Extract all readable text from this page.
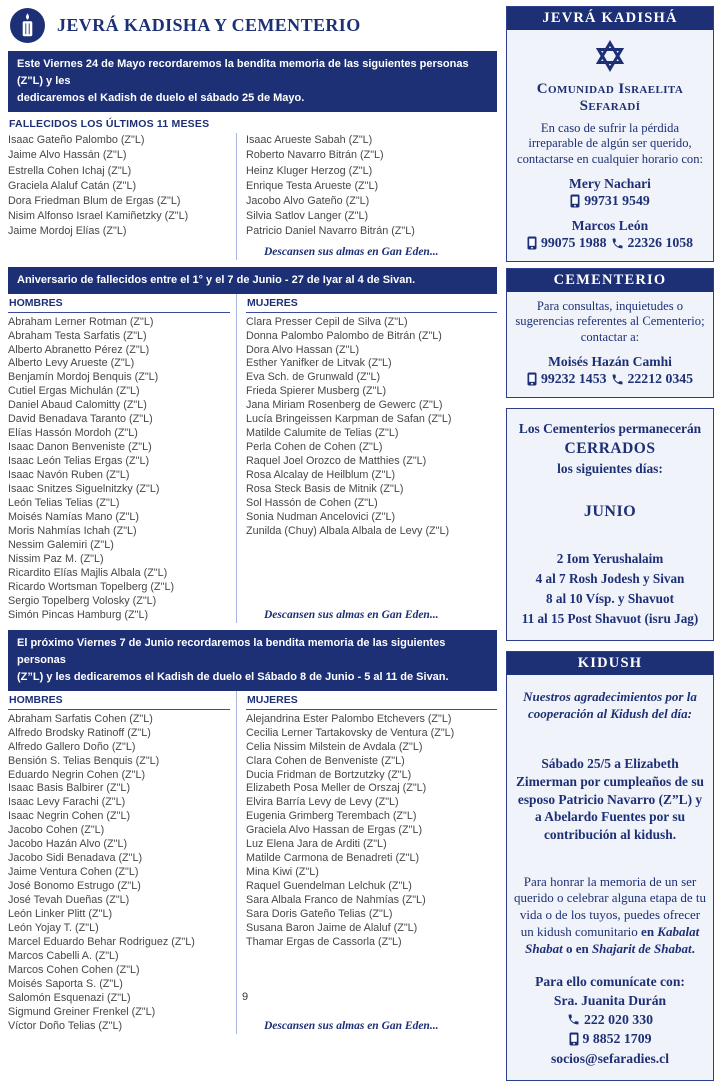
JEVRÁ KADISHA Y CEMENTERIO
Este Viernes 24 de Mayo recordaremos la bendita memoria de las siguientes personas (Z"L) y les
dedicaremos el Kadish de duelo el sábado 25 de Mayo.
FALLECIDOS LOS ÚLTIMOS 11 MESES
Isaac Gateño Palombo (Z"L)
Jaime Alvo Hassán (Z"L)
Estrella Cohen Ichaj (Z"L)
Graciela Alaluf Catán (Z"L)
Dora Friedman Blum de Ergas (Z"L)
Nisim Alfonso Israel Kamiñetzky (Z"L)
Jaime Mordoj Elías (Z"L)
Isaac Arueste Sabah (Z"L)
Roberto Navarro Bitrán (Z"L)
Heinz Kluger Herzog (Z"L)
Enrique Testa Arueste (Z"L)
Jacobo Alvo Gateño (Z"L)
Silvia Satlov Langer (Z"L)
Patricio Daniel Navarro Bitrán (Z"L)
Descansen sus almas en Gan Eden...
Aniversario de fallecidos entre el 1° y el 7 de Junio - 27 de Iyar al 4 de Sivan.
HOMBRES
Abraham Lerner Rotman (Z"L)
Abraham Testa Sarfatis (Z"L)
Alberto Abranetto Pérez (Z"L)
Alberto Levy Arueste (Z"L)
Benjamín Mordoj Benquis (Z"L)
Cutiel Ergas Michulán (Z"L)
Daniel Abaud Calomitty (Z"L)
David Benadava Taranto (Z"L)
Elías Hassón Mordoh (Z"L)
Isaac Danon Benveniste (Z"L)
Isaac León Telias Ergas (Z"L)
Isaac Navón Ruben (Z"L)
Isaac Snitzes Siguelnitzky (Z"L)
León Telias Telias (Z"L)
Moisés Namías Mano (Z"L)
Moris Nahmías Ichah (Z"L)
Nessim Galemiri (Z"L)
Nissim Paz M. (Z"L)
Ricardito Elías Majlis Albala (Z"L)
Ricardo Wortsman Topelberg (Z"L)
Sergio Topelberg Volosky (Z"L)
Simón Pincas Hamburg (Z"L)
MUJERES
Clara Presser Cepil de Silva (Z"L)
Donna Palombo Palombo de Bitrán (Z"L)
Dora Alvo Hassan (Z"L)
Esther Yanifker de Litvak (Z"L)
Eva Sch. de Grunwald (Z"L)
Frieda Spierer Musberg (Z"L)
Jana Miriam Rosenberg de Gewerc (Z"L)
Lucía Bringeissen Karpman de Safan (Z"L)
Matilde Calumite de Telias (Z"L)
Perla Cohen de Cohen (Z"L)
Raquel Joel Orozco de Matthies (Z"L)
Rosa Alcalay de Heilblum (Z"L)
Rosa Steck Basis de Mitnik (Z"L)
Sol Hassón de Cohen (Z"L)
Sonia Nudman Ancelovici (Z"L)
Zunilda (Chuy) Albala Albala de Levy (Z"L)
Descansen sus almas en Gan Eden...
El próximo Viernes 7 de Junio recordaremos la bendita memoria de las siguientes personas
(Z”L) y les dedicaremos el Kadish de duelo el Sábado 8 de Junio - 5 al 11 de Sivan.
HOMBRES
Abraham Sarfatis Cohen (Z"L)
Alfredo Brodsky Ratinoff (Z"L)
Alfredo Gallero Doño (Z"L)
Bensión S. Telias Benquis (Z"L)
Eduardo Negrin Cohen (Z"L)
Isaac Basis Balbirer (Z"L)
Isaac Levy Farachi (Z"L)
Isaac Negrin Cohen (Z"L)
Jacobo Cohen (Z"L)
Jacobo Hazán Alvo (Z"L)
Jacobo Sidi Benadava (Z"L)
Jaime Ventura Cohen (Z"L)
José Bonomo Estrugo (Z"L)
José Tevah Dueñas (Z"L)
León Linker Plitt (Z"L)
León Yojay T. (Z"L)
Marcel Eduardo Behar Rodriguez (Z"L)
Marcos Cabelli A. (Z"L)
Marcos Cohen Cohen (Z"L)
Moisés Saporta S. (Z"L)
Salomón Esquenazi (Z"L)
Sigmund Greiner Frenkel (Z"L)
Víctor Doño Telias (Z"L)
MUJERES
Alejandrina Ester Palombo Etchevers (Z"L)
Cecilia Lerner Tartakovsky de Ventura (Z"L)
Celia Nissim Milstein de Avdala (Z"L)
Clara Cohen de Benveniste (Z"L)
Ducia Fridman de Bortzutzky (Z"L)
Elizabeth Posa Meller de Orszaj (Z"L)
Elvira Barría Levy de Levy (Z"L)
Eugenia Grimberg Terembach (Z"L)
Graciela Alvo Hassan de Ergas (Z"L)
Luz Elena Jara de Arditi (Z"L)
Matilde Carmona de Benadreti (Z"L)
Mina Kiwi (Z"L)
Raquel Guendelman Lelchuk (Z"L)
Sara Albala Franco de Nahmías (Z"L)
Sara Doris Gateño Telias (Z"L)
Susana Baron Jaime de Alaluf (Z"L)
Thamar Ergas de Cassorla (Z"L)
Descansen sus almas en Gan Eden...
JEVRÁ KADISHÁ
Comunidad Israelita Sefaradí
En caso de sufrir la pérdida irreparable de algún ser querido, contactarse en cualquier horario con:
Mery Nachari
99731 9549
Marcos León
99075 1988 22326 1058
CEMENTERIO
Para consultas, inquietudes o sugerencias referentes al Cementerio; contactar a:
Moisés Hazán Camhi
99232 1453 22212 0345
Los Cementerios permanecerán
CERRADOS
los siguientes días:
JUNIO
2 Iom Yerushalaim
4 al 7 Rosh Jodesh y Sivan
8 al 10 Vísp. y Shavuot
11 al 15 Post Shavuot (isru Jag)
KIDUSH
Nuestros agradecimientos por la cooperación al Kidush del día:
Sábado 25/5 a Elizabeth Zimerman por cumpleaños de su esposo Patricio Navarro (Z”L) y a Abelardo Fuentes por su contribución al kidush.
Para honrar la memoria de un ser querido o celebrar alguna etapa de tu vida o de los tuyos, puedes ofrecer un kidush comunitario en Kabalat Shabat o en Shajarit de Shabat.
Para ello comunícate con:
Sra. Juanita Durán
222 020 330
9 8852 1709
socios@sefaradies.cl
9
